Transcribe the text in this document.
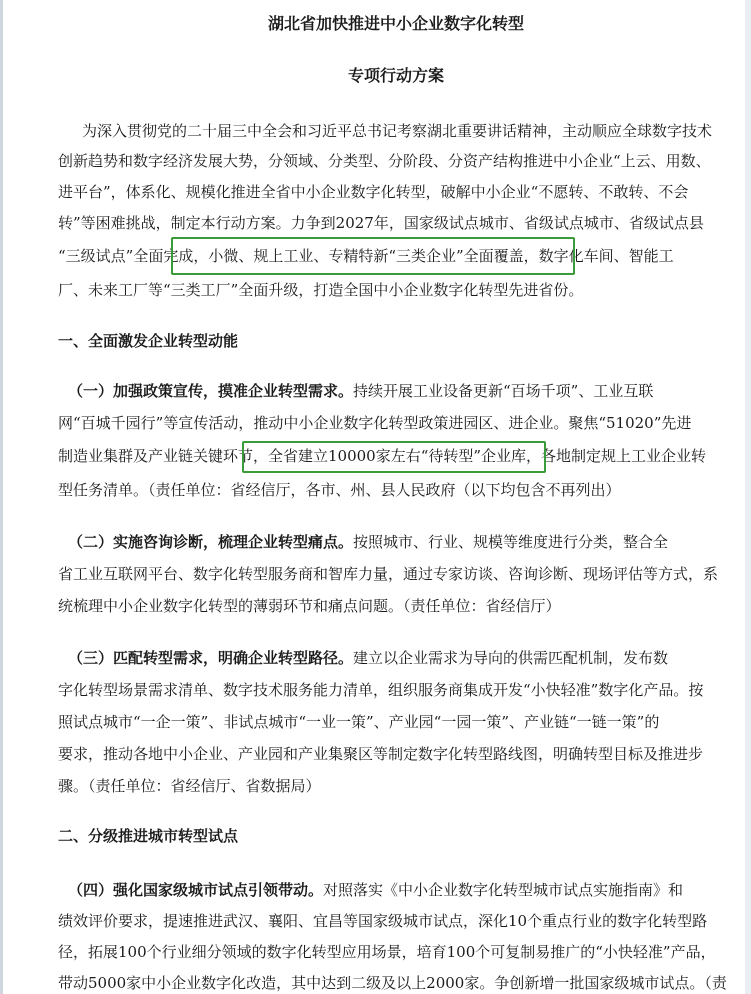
湖北省加快推进中小企业数字化转型
专项行动方案
为深入贯彻党的二十届三中全会和习近平总书记考察湖北重要讲话精神，主动顺应全球数字技术
创新趋势和数字经济发展大势，分领域、分类型、分阶段、分资产结构推进中小企业“上云、用数、
进平台”，体系化、规模化推进全省中小企业数字化转型，破解中小企业“不愿转、不敢转、不会
转”等困难挑战，制定本行动方案。力争到2027年，国家级试点城市、省级试点城市、省级试点县
“三级试点”全面完成，小微、规上工业、专精特新“三类企业”全面覆盖，数字化车间、智能工
厂、未来工厂等“三类工厂”全面升级，打造全国中小企业数字化转型先进省份。
一、全面激发企业转型动能
（一）加强政策宣传，摸准企业转型需求。持续开展工业设备更新“百场千项”、工业互联
网“百城千园行”等宣传活动，推动中小企业数字化转型政策进园区、进企业。聚焦“51020”先进
制造业集群及产业链关键环节，全省建立10000家左右“待转型”企业库，各地制定规上工业企业转
型任务清单。（责任单位：省经信厅，各市、州、县人民政府（以下均包含不再列出）
（二）实施咨询诊断，梳理企业转型痛点。按照城市、行业、规模等维度进行分类，整合全
省工业互联网平台、数字化转型服务商和智库力量，通过专家访谈、咨询诊断、现场评估等方式，系
统梳理中小企业数字化转型的薄弱环节和痛点问题。（责任单位：省经信厅）
（三）匹配转型需求，明确企业转型路径。建立以企业需求为导向的供需匹配机制，发布数
字化转型场景需求清单、数字技术服务能力清单，组织服务商集成开发“小快轻准”数字化产品。按
照试点城市“一企一策”、非试点城市“一业一策”、产业园“一园一策”、产业链“一链一策”的
要求，推动各地中小企业、产业园和产业集聚区等制定数字化转型路线图，明确转型目标及推进步
骤。（责任单位：省经信厅、省数据局）
二、分级推进城市转型试点
（四）强化国家级城市试点引领带动。对照落实《中小企业数字化转型城市试点实施指南》和
绩效评价要求，提速推进武汉、襄阳、宜昌等国家级城市试点，深化10个重点行业的数字化转型路
径，拓展100个行业细分领域的数字化转型应用场景，培育100个可复制易推广的“小快轻准”产品，
带动5000家中小企业数字化改造，其中达到二级及以上2000家。争创新增一批国家级城市试点。（责
